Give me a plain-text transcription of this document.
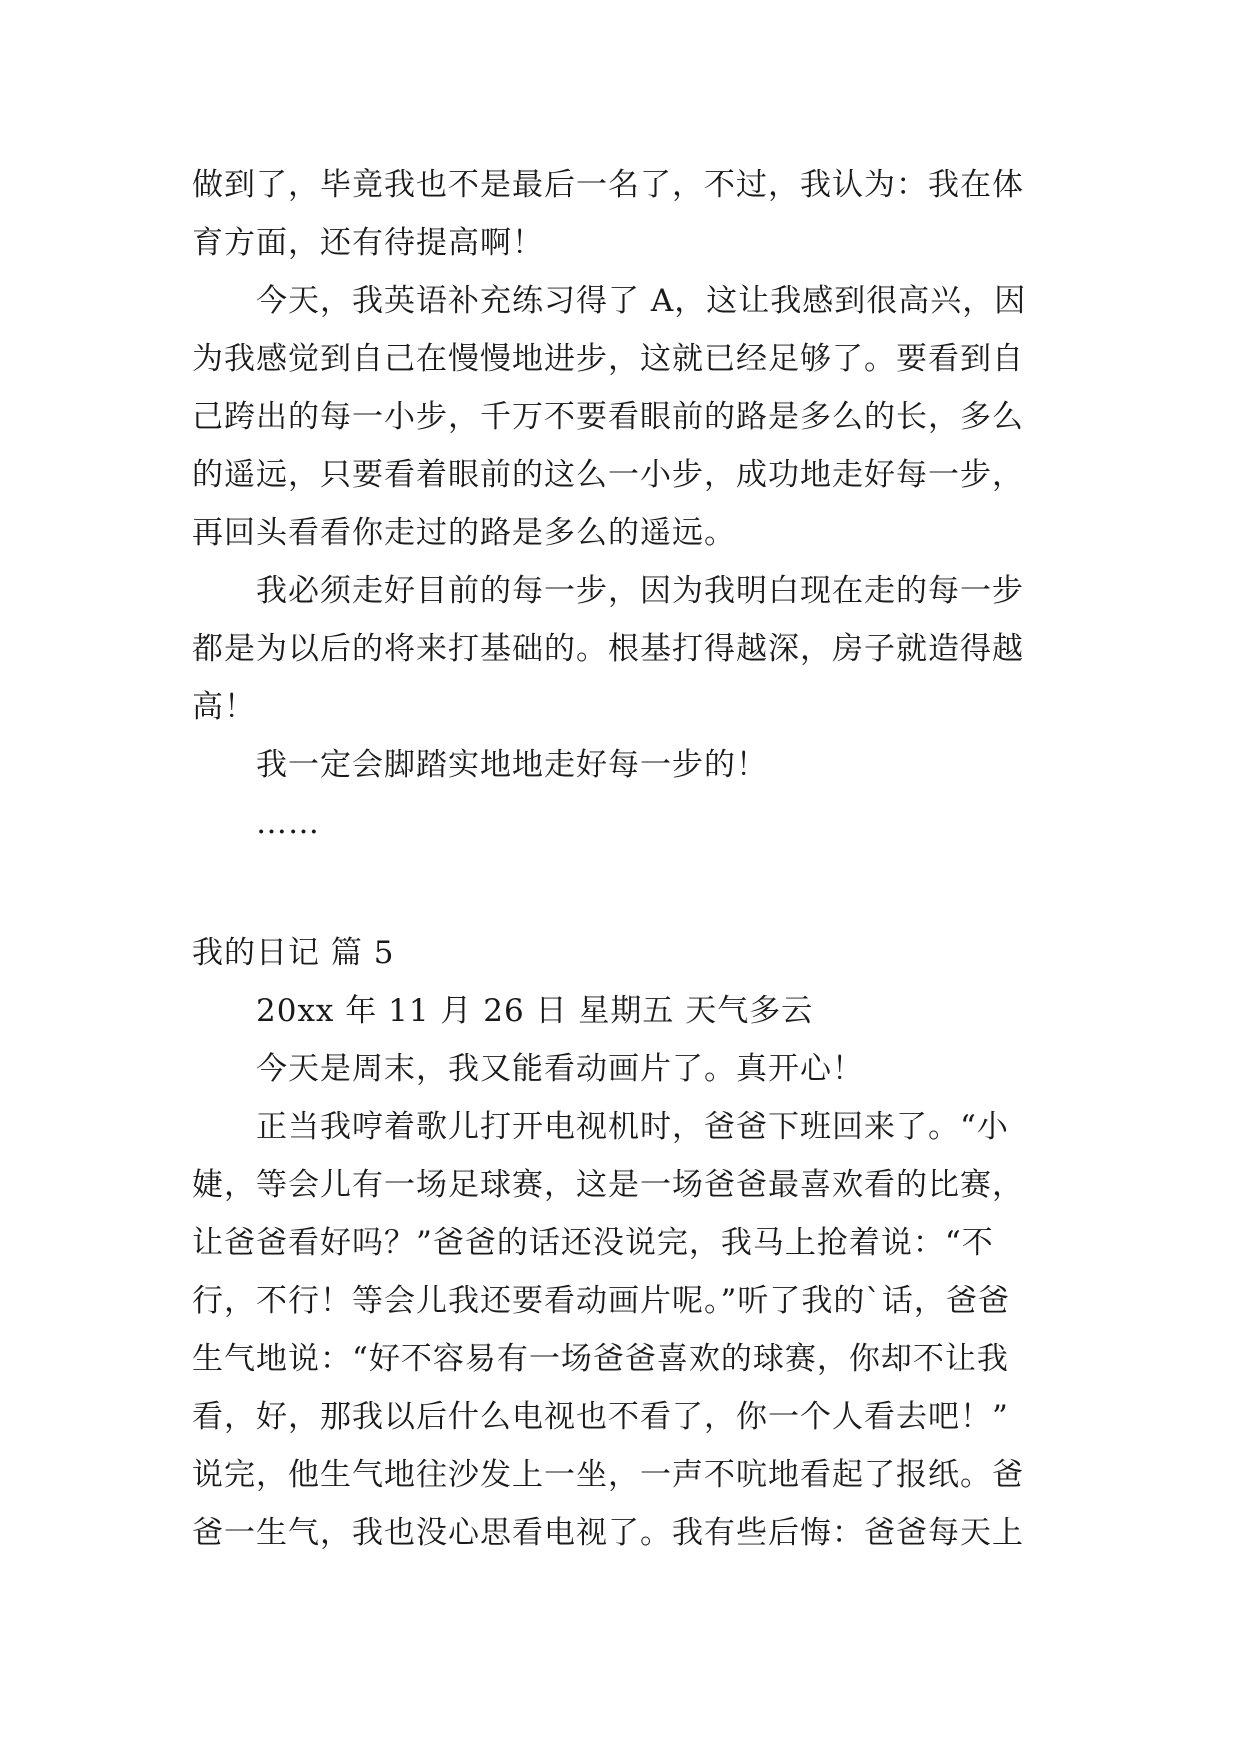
做到了，毕竟我也不是最后一名了，不过，我认为：我在体
育方面，还有待提高啊！
今天，我英语补充练习得了 A，这让我感到很高兴，因
为我感觉到自己在慢慢地进步，这就已经足够了。要看到自
己跨出的每一小步，千万不要看眼前的路是多么的长，多么
的遥远，只要看着眼前的这么一小步，成功地走好每一步，
再回头看看你走过的路是多么的遥远。
我必须走好目前的每一步，因为我明白现在走的每一步
都是为以后的将来打基础的。根基打得越深，房子就造得越
高！
我一定会脚踏实地地走好每一步的！
……
我的日记 篇 5
20xx 年 11 月 26 日 星期五 天气多云
今天是周末，我又能看动画片了。真开心！
正当我哼着歌儿打开电视机时，爸爸下班回来了。“小
婕，等会儿有一场足球赛，这是一场爸爸最喜欢看的比赛，
让爸爸看好吗？”爸爸的话还没说完，我马上抢着说：“不
行，不行！等会儿我还要看动画片呢。”听了我的`话，爸爸
生气地说：“好不容易有一场爸爸喜欢的球赛，你却不让我
看，好，那我以后什么电视也不看了，你一个人看去吧！”
说完，他生气地往沙发上一坐，一声不吭地看起了报纸。爸
爸一生气，我也没心思看电视了。我有些后悔：爸爸每天上
